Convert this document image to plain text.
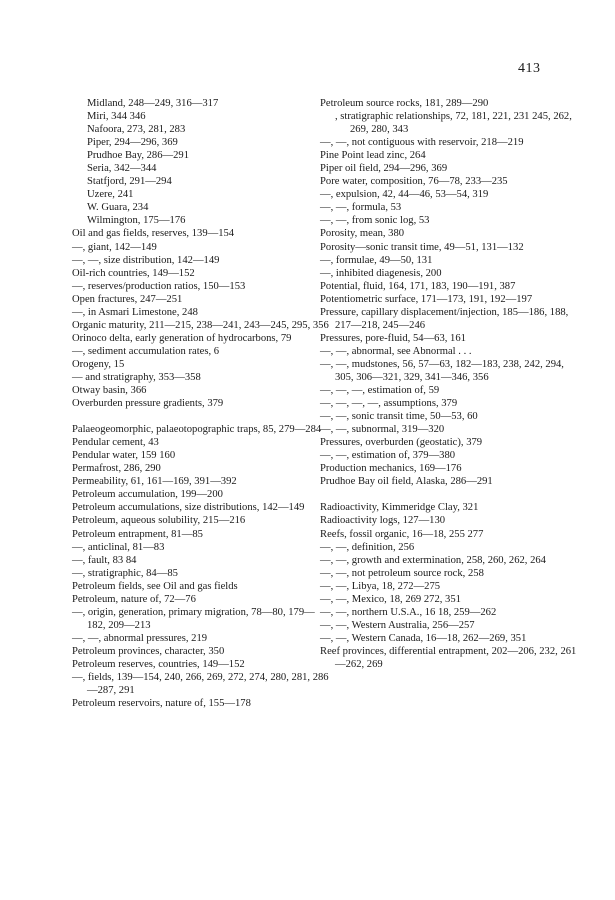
413
Midland, 248—249, 316—317
Miri, 344 346
Nafoora, 273, 281, 283
Piper, 294—296, 369
Prudhoe Bay, 286—291
Seria, 342—344
Statfjord, 291—294
Uzere, 241
W. Guara, 234
Wilmington, 175—176
Oil and gas fields, reserves, 139—154
—, giant, 142—149
—, —, size distribution, 142—149
Oil-rich countries, 149—152
—, reserves/production ratios, 150—153
Open fractures, 247—251
—, in Asmari Limestone, 248
Organic maturity, 211—215, 238—241, 243—245, 295, 356
Orinoco delta, early generation of hydrocarbons, 79
—, sediment accumulation rates, 6
Orogeny, 15
— and stratigraphy, 353—358
Otway basin, 366
Overburden pressure gradients, 379
Palaeogeomorphic, palaeotopographic traps, 85, 279—284
Pendular cement, 43
Pendular water, 159 160
Permafrost, 286, 290
Permeability, 61, 161—169, 391—392
Petroleum accumulation, 199—200
Petroleum accumulations, size distributions, 142—149
Petroleum, aqueous solubility, 215—216
Petroleum entrapment, 81—85
—, anticlinal, 81—83
—, fault, 83 84
—, stratigraphic, 84—85
Petroleum fields, see Oil and gas fields
Petroleum, nature of, 72—76
—, origin, generation, primary migration, 78—80, 179—182, 209—213
—, —, abnormal pressures, 219
Petroleum provinces, character, 350
Petroleum reserves, countries, 149—152
—, fields, 139—154, 240, 266, 269, 272, 274, 280, 281, 286—287, 291
Petroleum reservoirs, nature of, 155—178
Petroleum source rocks, 181, 289—290
, stratigraphic relationships, 72, 181, 221, 231 245, 262, 269, 280, 343
—, —, not contiguous with reservoir, 218—219
Pine Point lead zinc, 264
Piper oil field, 294—296, 369
Pore water, composition, 76—78, 233—235
—, expulsion, 42, 44—46, 53—54, 319
—, —, formula, 53
—, —, from sonic log, 53
Porosity, mean, 380
Porosity—sonic transit time, 49—51, 131—132
—, formulae, 49—50, 131
—, inhibited diagenesis, 200
Potential, fluid, 164, 171, 183, 190—191, 387
Potentiometric surface, 171—173, 191, 192—197
Pressure, capillary displacement/injection, 185—186, 188, 217—218, 245—246
Pressures, pore-fluid, 54—63, 161
—, —, abnormal, see Abnormal . . .
—, —, mudstones, 56, 57—63, 182—183, 238, 242, 294, 305, 306—321, 329, 341—346, 356
—, —, —, estimation of, 59
—, —, —, —, assumptions, 379
—, —, sonic transit time, 50—53, 60
—, —, subnormal, 319—320
Pressures, overburden (geostatic), 379
—, —, estimation of, 379—380
Production mechanics, 169—176
Prudhoe Bay oil field, Alaska, 286—291
Radioactivity, Kimmeridge Clay, 321
Radioactivity logs, 127—130
Reefs, fossil organic, 16—18, 255 277
—, —, definition, 256
—, —, growth and extermination, 258, 260, 262, 264
—, —, not petroleum source rock, 258
—, —, Libya, 18, 272—275
—, —, Mexico, 18, 269 272, 351
—, —, northern U.S.A., 16 18, 259—262
—, —, Western Australia, 256—257
—, —, Western Canada, 16—18, 262—269, 351
Reef provinces, differential entrapment, 202—206, 232, 261—262, 269
